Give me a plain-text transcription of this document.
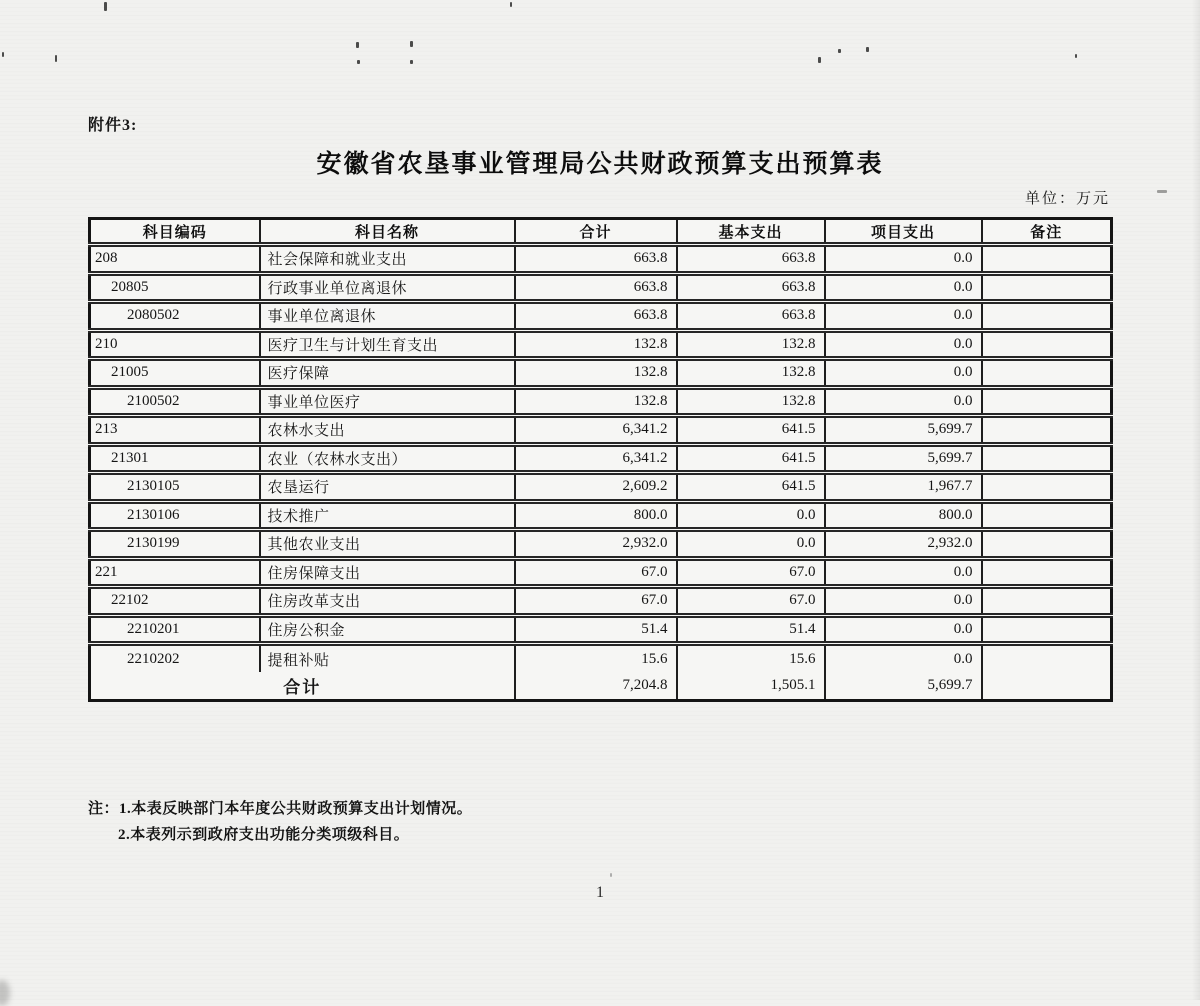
附件3:
安徽省农垦事业管理局公共财政预算支出预算表
单位：万元
科目编码	科目名称	合计	基本支出	项目支出	备注
208	社会保障和就业支出	663.8	663.8	0.0	
20805	行政事业单位离退休	663.8	663.8	0.0	
2080502	事业单位离退休	663.8	663.8	0.0	
210	医疗卫生与计划生育支出	132.8	132.8	0.0	
21005	医疗保障	132.8	132.8	0.0	
2100502	事业单位医疗	132.8	132.8	0.0	
213	农林水支出	6,341.2	641.5	5,699.7	
21301	农业（农林水支出）	6,341.2	641.5	5,699.7	
2130105	农垦运行	2,609.2	641.5	1,967.7	
2130106	技术推广	800.0	0.0	800.0	
2130199	其他农业支出	2,932.0	0.0	2,932.0	
221	住房保障支出	67.0	67.0	0.0	
22102	住房改革支出	67.0	67.0	0.0	
2210201	住房公积金	51.4	51.4	0.0	
2210202	提租补贴	15.6	15.6	0.0	
合计		7,204.8	1,505.1	5,699.7	
注：1.本表反映部门本年度公共财政预算支出计划情况。
2.本表列示到政府支出功能分类项级科目。
1
